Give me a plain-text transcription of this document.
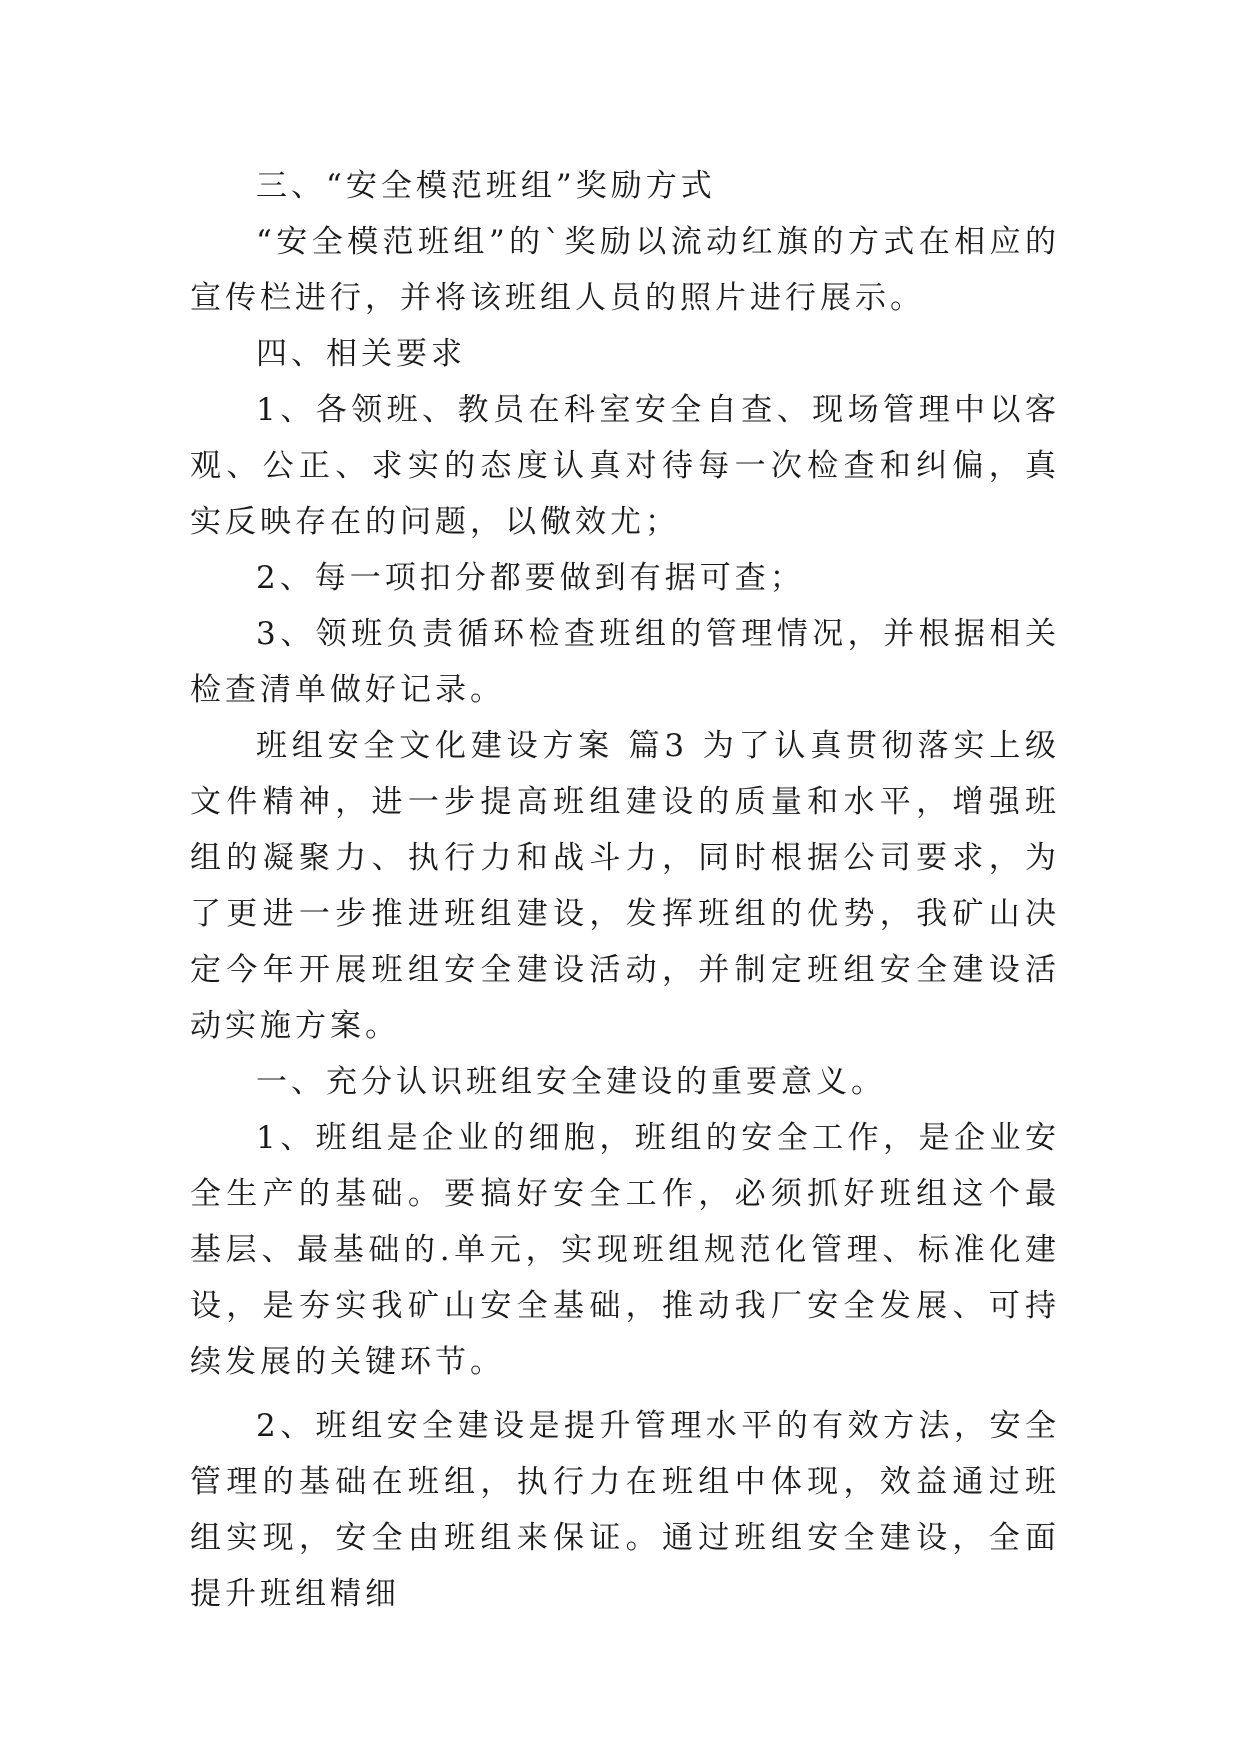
三、“安全模范班组”奖励方式

“安全模范班组”的`奖励以流动红旗的方式在相应的宣传栏进行，并将该班组人员的照片进行展示。

四、相关要求

1、各领班、教员在科室安全自查、现场管理中以客观、公正、求实的态度认真对待每一次检查和纠偏，真实反映存在的问题，以儆效尤；

2、每一项扣分都要做到有据可查；

3、领班负责循环检查班组的管理情况，并根据相关检查清单做好记录。

班组安全文化建设方案 篇3 为了认真贯彻落实上级文件精神，进一步提高班组建设的质量和水平，增强班组的凝聚力、执行力和战斗力，同时根据公司要求，为了更进一步推进班组建设，发挥班组的优势，我矿山决定今年开展班组安全建设活动，并制定班组安全建设活动实施方案。

一、充分认识班组安全建设的重要意义。

1、班组是企业的细胞，班组的安全工作，是企业安全生产的基础。要搞好安全工作，必须抓好班组这个最基层、最基础的.单元，实现班组规范化管理、标准化建设，是夯实我矿山安全基础，推动我厂安全发展、可持续发展的关键环节。

2、班组安全建设是提升管理水平的有效方法，安全管理的基础在班组，执行力在班组中体现，效益通过班组实现，安全由班组来保证。通过班组安全建设，全面提升班组精细
